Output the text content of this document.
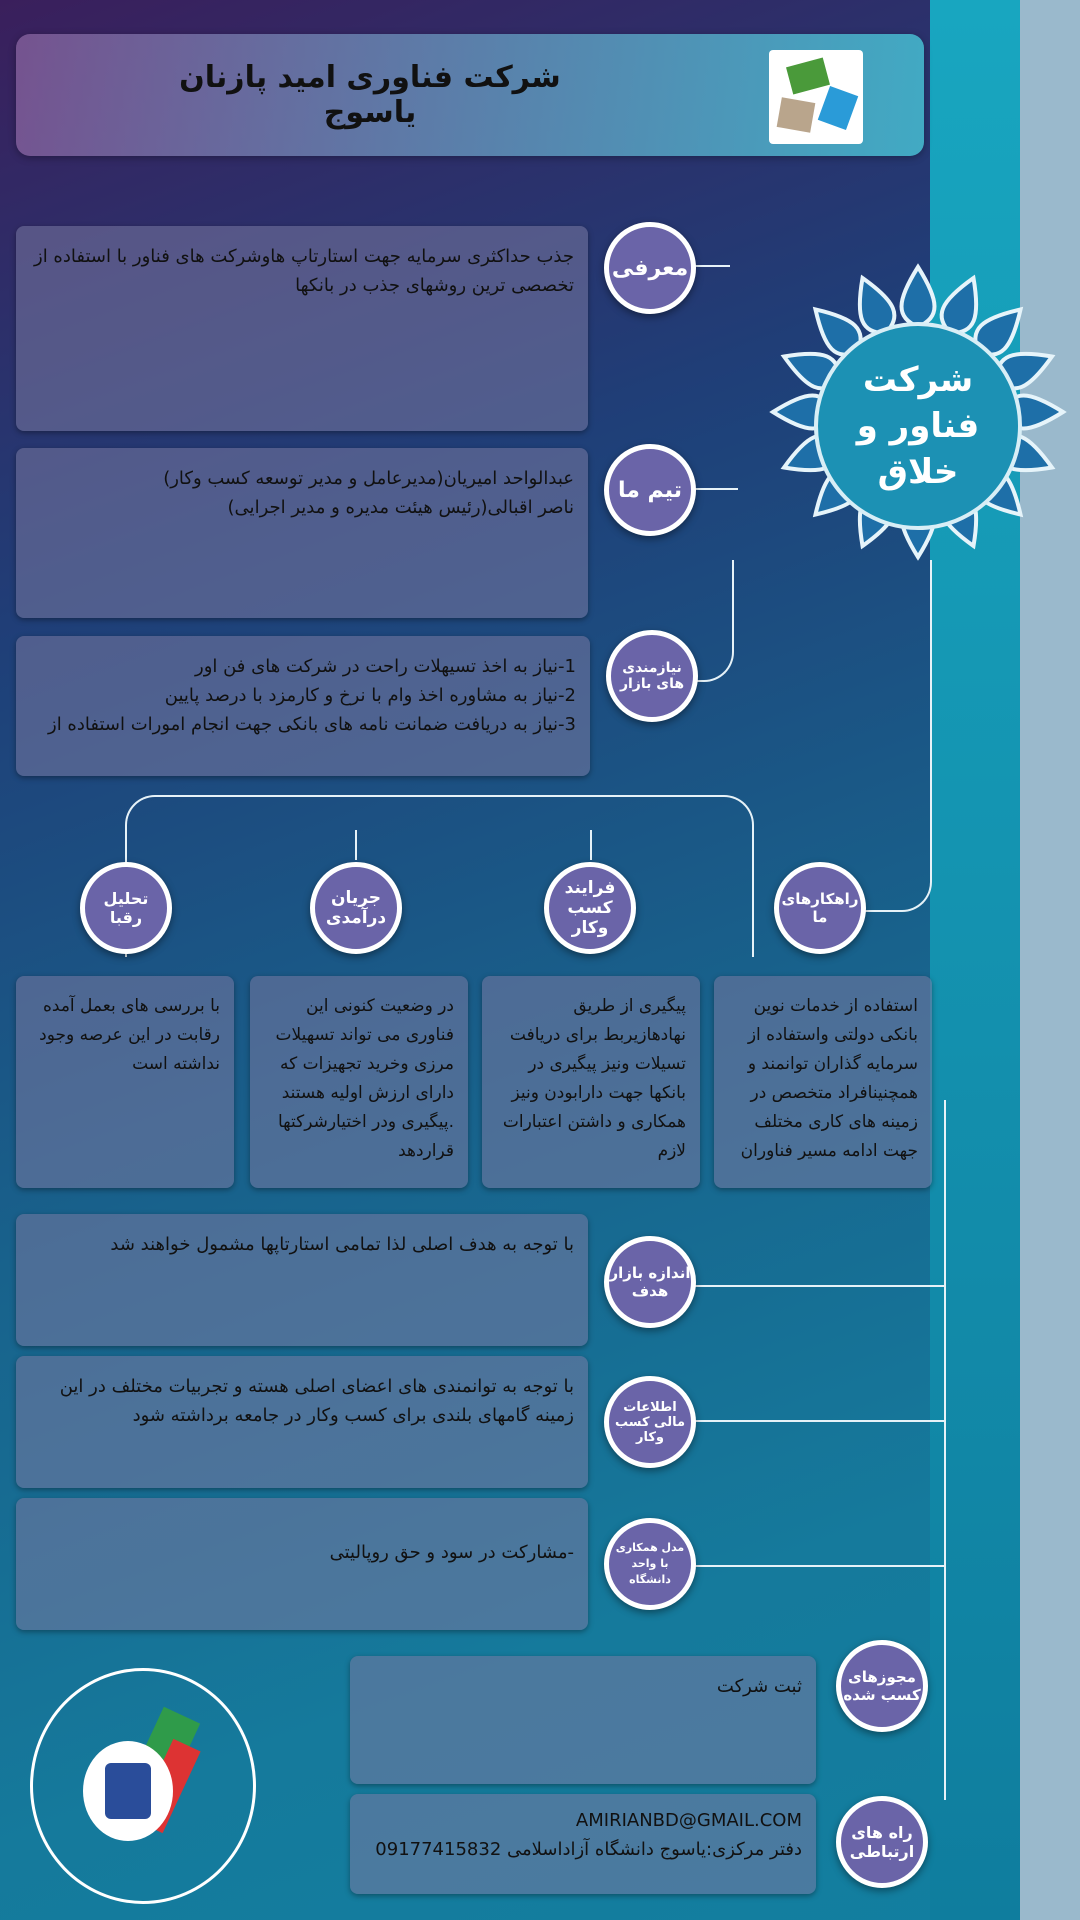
شرکت فناوری امید پازنان یاسوج
شرکت فناور و خلاق

جذب حداکثری سرمایه جهت استارتاپ هاوشرکت های فناور با استفاده از تخصصی ترین روشهای جذب در بانکها

معرفی

عبدالواحد امیریان(مدیرعامل و مدیر توسعه کسب وکار)

ناصر اقبالی(رئیس هیئت مدیره و مدیر اجرایی)

تیم ما

1-نیاز به اخذ تسیهلات راحت در شرکت های فن اور

2-نیاز به مشاوره اخذ وام با نرخ و کارمزد با درصد پایین

3-نیاز به دریافت ضمانت نامه های بانکی جهت انجام امورات استفاده از

نیازمندی های بازار
راهکارهای ما
فرایند کسب وکار
جریان درآمدی
تحلیل رقبا

استفاده از خدمات نوین بانکی دولتی واستفاده از سرمایه گذاران توانمند و همچنینافراد متخصص در زمینه های کاری مختلف جهت ادامه مسیر فناوران

پیگیری از طریق نهادهازیربط برای دریافت تسیلات ونیز پیگیری در بانکها جهت دارابودن ونیز همکاری و داشتن اعتبارات لازم

در وضعیت کنونی این فناوری می تواند تسهیلات مرزی وخرید تجهیزات که دارای ارزش اولیه هستند .پیگیری ودر اختیارشرکتها قراردهد

با بررسی های بعمل آمده رقابت در این عرصه وجود نداشته است

با توجه به هدف اصلی لذا تمامی استارتاپها مشمول خواهند شد

اندازه بازار هدف

با توجه به توانمندی های اعضای اصلی هسته و تجربیات مختلف در این زمینه گامهای بلندی برای کسب وکار در جامعه برداشته شود	اطلاعات مالی کسب وکار

-مشارکت در سود و حق روپالیتی	مدل همکاری با واحد دانشگاه

ثبت شرکت	مجوزهای کسب شده

AMIRIANBD@GMAIL.COM

دفتر مرکزی:یاسوج دانشگاه آزاداسلامی 09177415832

راه های ارتباطی
